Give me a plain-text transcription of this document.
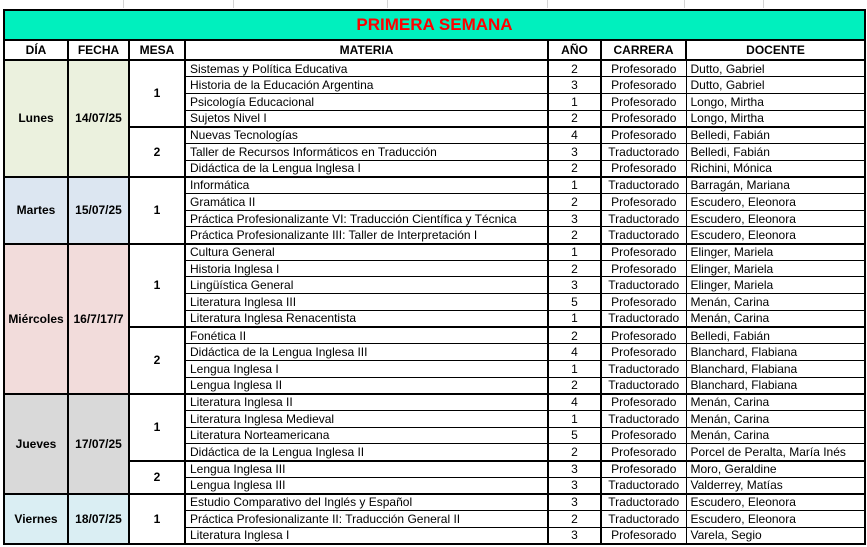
PRIMERA SEMANA						
DÍA	FECHA	MESA	MATERIA	AÑO	CARRERA	DOCENTE
Lunes	14/07/25	1	Sistemas y Política Educativa	2	Profesorado	Dutto, Gabriel
			Historia de la Educación Argentina	3	Profesorado	Dutto, Gabriel
			Psicología Educacional	1	Profesorado	Longo, Mirtha
			Sujetos Nivel I	2	Profesorado	Longo, Mirtha
		2	Nuevas Tecnologías	4	Profesorado	Belledi, Fabián
			Taller de Recursos Informáticos en Traducción	3	Traductorado	Belledi, Fabián
			Didáctica de la Lengua Inglesa I	2	Profesorado	Richini, Mónica
Martes	15/07/25	1	Informática	1	Traductorado	Barragán, Mariana
			Gramática II	2	Profesorado	Escudero, Eleonora
			Práctica Profesionalizante VI: Traducción Científica y Técnica	3	Traductorado	Escudero, Eleonora
			Práctica Profesionalizante III: Taller de Interpretación I	2	Traductorado	Escudero, Eleonora
Miércoles	16/7/17/7	1	Cultura General	1	Profesorado	Elinger, Mariela
			Historia Inglesa I	2	Profesorado	Elinger, Mariela
			Lingüística General	3	Traductorado	Elinger, Mariela
			Literatura Inglesa III	5	Profesorado	Menán, Carina
			Literatura Inglesa Renacentista	1	Traductorado	Menán, Carina
		2	Fonética II	2	Profesorado	Belledi, Fabián
			Didáctica de la Lengua Inglesa III	4	Profesorado	Blanchard, Flabiana
			Lengua Inglesa I	1	Traductorado	Blanchard, Flabiana
			Lengua Inglesa II	2	Traductorado	Blanchard, Flabiana
Jueves	17/07/25	1	Literatura Inglesa II	4	Profesorado	Menán, Carina
			Literatura Inglesa Medieval	1	Traductorado	Menán, Carina
			Literatura Norteamericana	5	Profesorado	Menán, Carina
			Didáctica de la Lengua Inglesa II	2	Profesorado	Porcel de Peralta, María Inés
		2	Lengua Inglesa III	3	Profesorado	Moro, Geraldine
			Lengua Inglesa III	3	Traductorado	Valderrey, Matías
Viernes	18/07/25	1	Estudio Comparativo del Inglés y Español	3	Traductorado	Escudero, Eleonora
			Práctica Profesionalizante II: Traducción General II	2	Traductorado	Escudero, Eleonora
			Literatura Inglesa I	3	Profesorado	Varela, Segio
